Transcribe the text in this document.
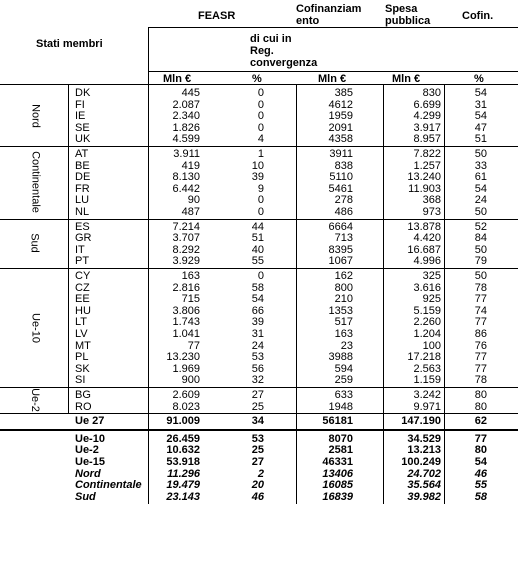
Stati membri
FEASR
Cofinanziam
ento
Spesa
pubblica	Cofin.
di cui in
Reg.
convergenza
Mln €	%	Mln €	Mln €	%
DK	445	0	385	830	54
FI	2.087	0	4612	6.699	31
IE	2.340	0	1959	4.299	54
SE	1.826	0	2091	3.917	47
UK	4.599	4	4358	8.957	51
Nord
AT	3.911	1	3911	7.822	50
BE	419	10	838	1.257	33
DE	8.130	39	5110	13.240	61
FR	6.442	9	5461	11.903	54
LU	90	0	278	368	24
NL	487	0	486	973	50
Continentale
ES	7.214	44	6664	13.878	52
GR	3.707	51	713	4.420	84
IT	8.292	40	8395	16.687	50
PT	3.929	55	1067	4.996	79
Sud
CY	163	0	162	325	50
CZ	2.816	58	800	3.616	78
EE	715	54	210	925	77
HU	3.806	66	1353	5.159	74
LT	1.743	39	517	2.260	77
LV	1.041	31	163	1.204	86
MT	77	24	23	100	76
PL	13.230	53	3988	17.218	77
SK	1.969	56	594	2.563	77
SI	900	32	259	1.159	78
Ue-10
BG	2.609	27	633	3.242	80
RO	8.023	25	1948	9.971	80
Ue-2
Ue 27	91.009	34	56181	147.190	62
Ue-10	26.459	53	8070	34.529	77
Ue-2	10.632	25	2581	13.213	80
Ue-15	53.918	27	46331	100.249	54
Nord	11.296	2	13406	24.702	46
Continentale	19.479	20	16085	35.564	55
Sud	23.143	46	16839	39.982	58
